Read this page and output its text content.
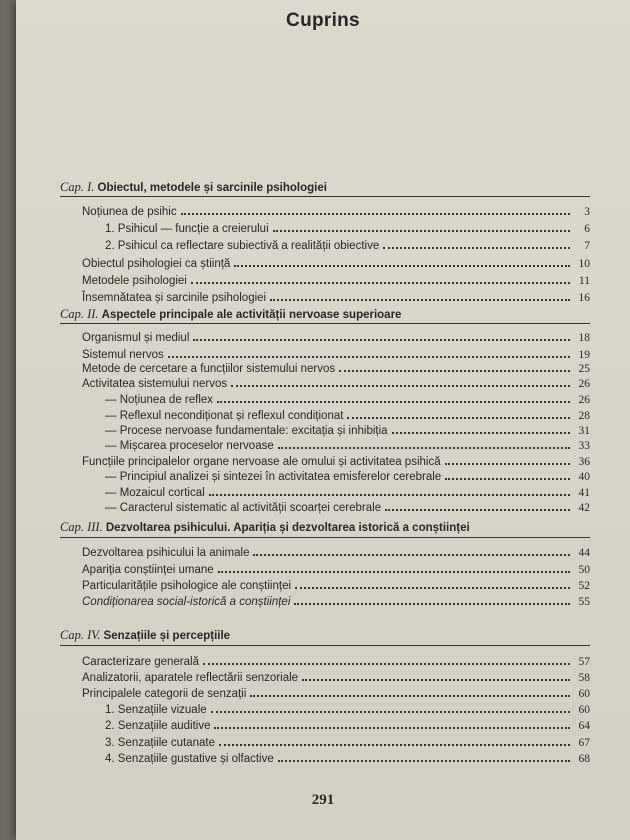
Cuprins
Cap. I. Obiectul, metodele și sarcinile psihologiei
Noțiunea de psihic	3
1. Psihicul — funcție a creierului	6
2. Psihicul ca reflectare subiectivă a realității obiective	7
Obiectul psihologiei ca știință	10
Metodele psihologiei	11
Însemnătatea și sarcinile psihologiei	16
Cap. II. Aspectele principale ale activității nervoase superioare
Organismul și mediul	18
Sistemul nervos	19
Metode de cercetare a funcțiilor sistemului nervos	25
Activitatea sistemului nervos	26
— Noțiunea de reflex	26
— Reflexul necondiționat și reflexul condiționat	28
— Procese nervoase fundamentale: excitația și inhibiția	31
— Mișcarea proceselor nervoase	33
Funcțiile principalelor organe nervoase ale omului și activitatea psihică	36
— Principiul analizei și sintezei în activitatea emisferelor cerebrale	40
— Mozaicul cortical	41
— Caracterul sistematic al activității scoarței cerebrale	42
Cap. III. Dezvoltarea psihicului. Apariția și dezvoltarea istorică a conștiinței
Dezvoltarea psihicului la animale	44
Apariția conștiinței umane	50
Particularitățile psihologice ale conștiinței	52
Condiționarea social-istorică a conștiinței	55
Cap. IV. Senzațiile și percepțiile
Caracterizare generală	57
Analizatorii, aparatele reflectării senzoriale	58
Principalele categorii de senzații	60
1. Senzațiile vizuale	60
2. Senzațiile auditive	64
3. Senzațiile cutanate	67
4. Senzațiile gustative și olfactive	68
291
